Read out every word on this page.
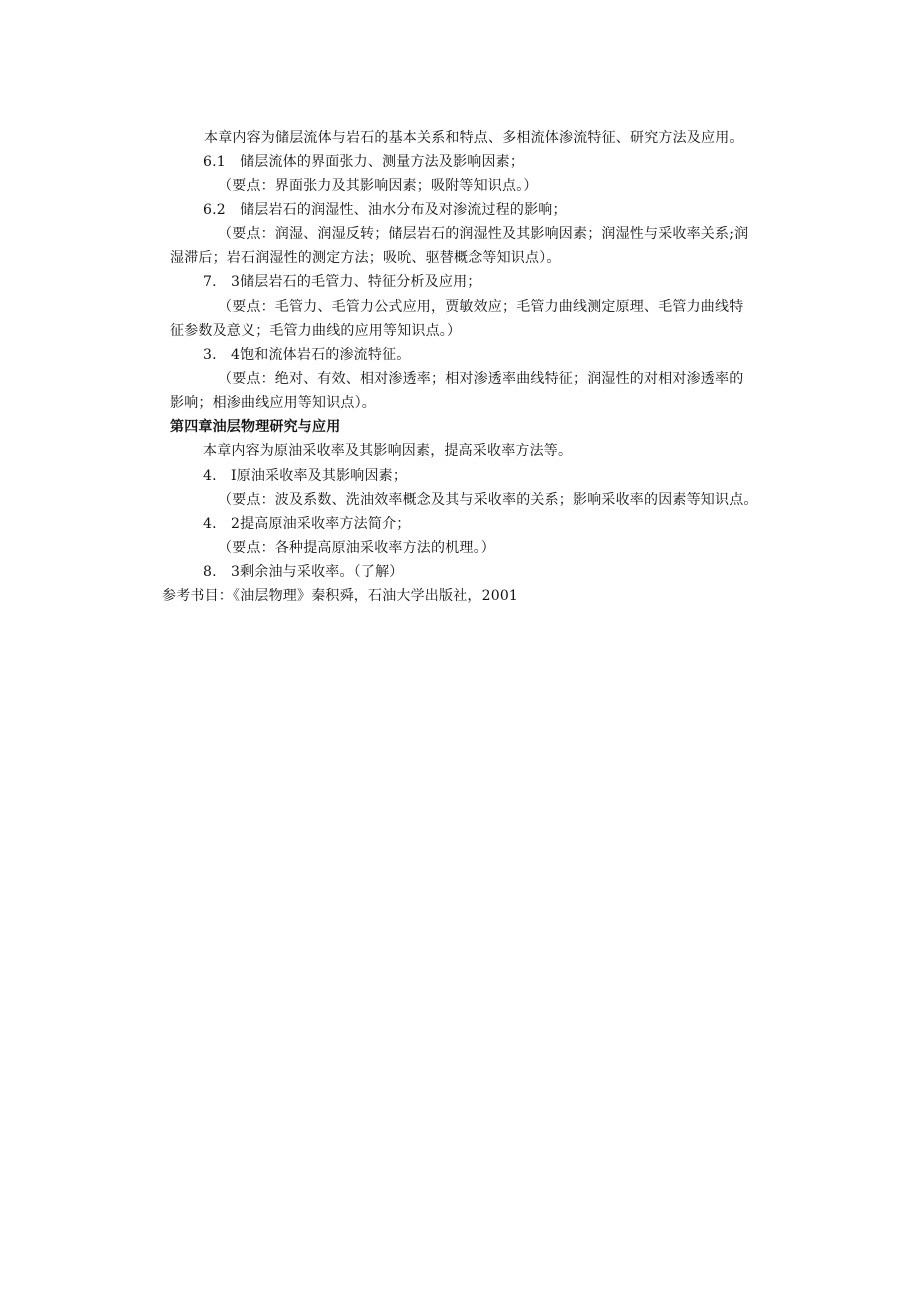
本章内容为储层流体与岩石的基本关系和特点、多相流体渗流特征、研究方法及应用。
6.1　储层流体的界面张力、测量方法及影响因素；
（要点：界面张力及其影响因素；吸附等知识点。）
6.2　储层岩石的润湿性、油水分布及对渗流过程的影响；
（要点：润湿、润湿反转；储层岩石的润湿性及其影响因素；润湿性与采收率关系;润
湿滞后；岩石润湿性的测定方法；吸吮、驱替概念等知识点）。
7.　3储层岩石的毛管力、特征分析及应用；
（要点：毛管力、毛管力公式应用，贾敏效应；毛管力曲线测定原理、毛管力曲线特
征参数及意义；毛管力曲线的应用等知识点。）
3.　4饱和流体岩石的渗流特征。
（要点：绝对、有效、相对渗透率；相对渗透率曲线特征；润湿性的对相对渗透率的
影响；相渗曲线应用等知识点）。
第四章油层物理研究与应用
本章内容为原油采收率及其影响因素，提高采收率方法等。
4.　I原油采收率及其影响因素；
（要点：波及系数、洗油效率概念及其与采收率的关系；影响采收率的因素等知识点。
4.　2提高原油采收率方法简介；
（要点：各种提高原油采收率方法的机理。）
8.　3剩余油与采收率。（了解）
参考书目：《油层物理》秦积舜，石油大学出版社，2001
